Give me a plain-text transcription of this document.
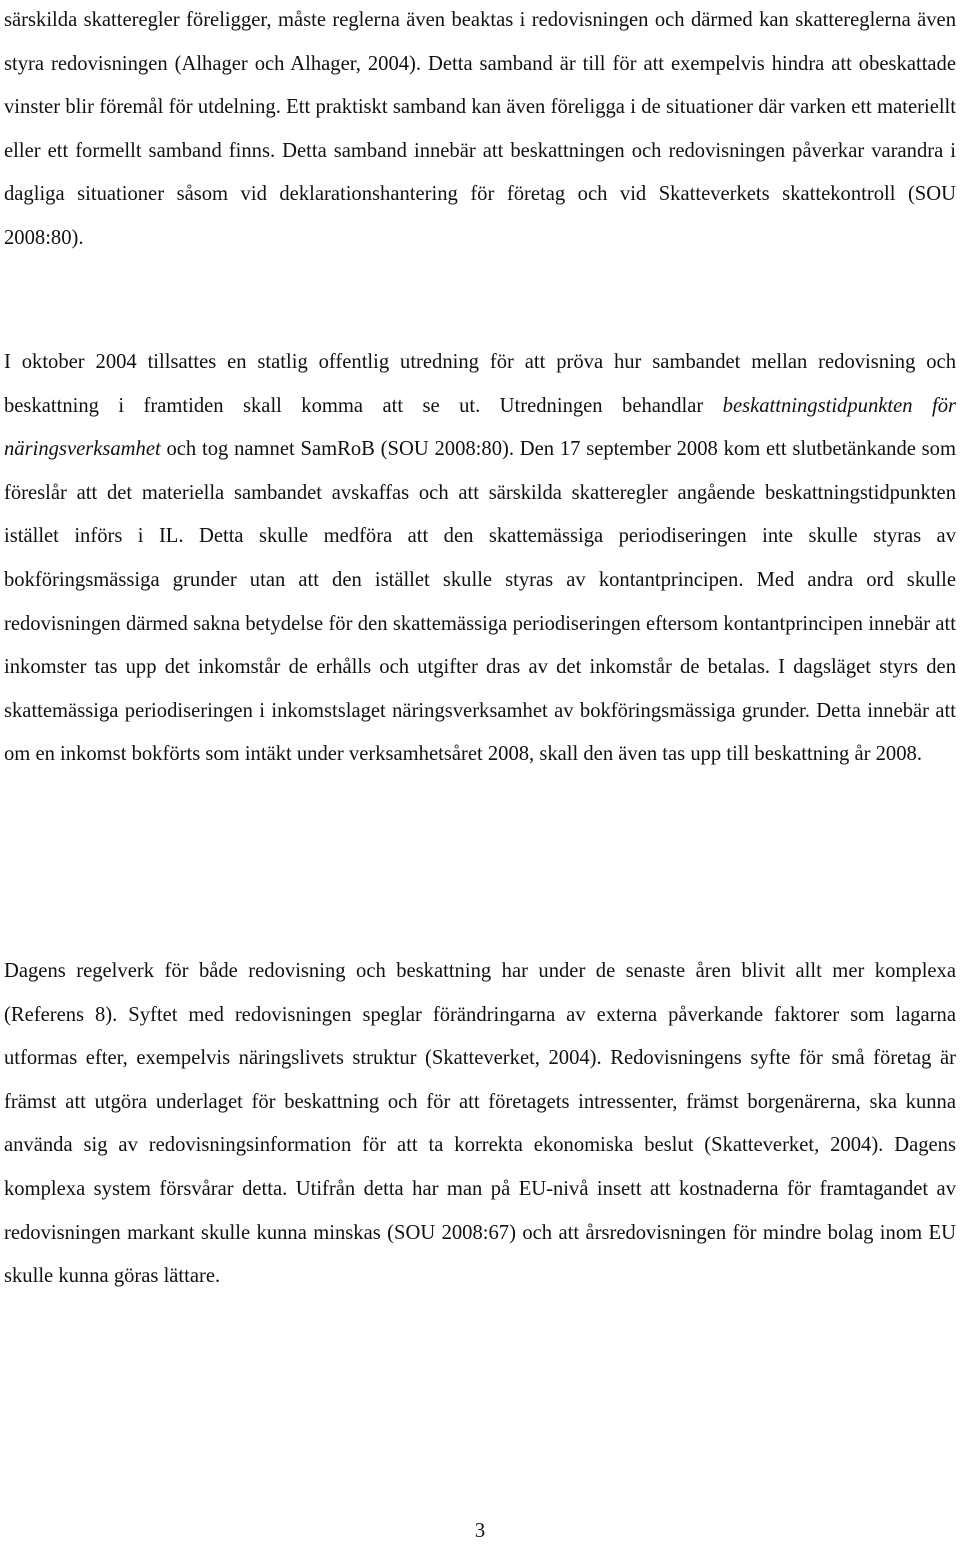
särskilda skatteregler föreligger, måste reglerna även beaktas i redovisningen och därmed kan skattereglerna även styra redovisningen (Alhager och Alhager, 2004). Detta samband är till för att exempelvis hindra att obeskattade vinster blir föremål för utdelning. Ett praktiskt samband kan även föreligga i de situationer där varken ett materiellt eller ett formellt samband finns. Detta samband innebär att beskattningen och redovisningen påverkar varandra i dagliga situationer såsom vid deklarationshantering för företag och vid Skatteverkets skattekontroll (SOU 2008:80).

I oktober 2004 tillsattes en statlig offentlig utredning för att pröva hur sambandet mellan redovisning och beskattning i framtiden skall komma att se ut. Utredningen behandlar beskattningstidpunkten för näringsverksamhet och tog namnet SamRoB (SOU 2008:80). Den 17 september 2008 kom ett slutbetänkande som föreslår att det materiella sambandet avskaffas och att särskilda skatteregler angående beskattningstidpunkten istället införs i IL. Detta skulle medföra att den skattemässiga periodiseringen inte skulle styras av bokföringsmässiga grunder utan att den istället skulle styras av kontantprincipen. Med andra ord skulle redovisningen därmed sakna betydelse för den skattemässiga periodiseringen eftersom kontantprincipen innebär att inkomster tas upp det inkomstår de erhålls och utgifter dras av det inkomstår de betalas. I dagsläget styrs den skattemässiga periodiseringen i inkomstslaget näringsverksamhet av bokföringsmässiga grunder. Detta innebär att om en inkomst bokförts som intäkt under verksamhetsåret 2008, skall den även tas upp till beskattning år 2008.

Dagens regelverk för både redovisning och beskattning har under de senaste åren blivit allt mer komplexa (Referens 8). Syftet med redovisningen speglar förändringarna av externa påverkande faktorer som lagarna utformas efter, exempelvis näringslivets struktur (Skatteverket, 2004). Redovisningens syfte för små företag är främst att utgöra underlaget för beskattning och för att företagets intressenter, främst borgenärerna, ska kunna använda sig av redovisningsinformation för att ta korrekta ekonomiska beslut (Skatteverket, 2004). Dagens komplexa system försvårar detta. Utifrån detta har man på EU-nivå insett att kostnaderna för framtagandet av redovisningen markant skulle kunna minskas (SOU 2008:67) och att årsredovisningen för mindre bolag inom EU skulle kunna göras lättare.

3
